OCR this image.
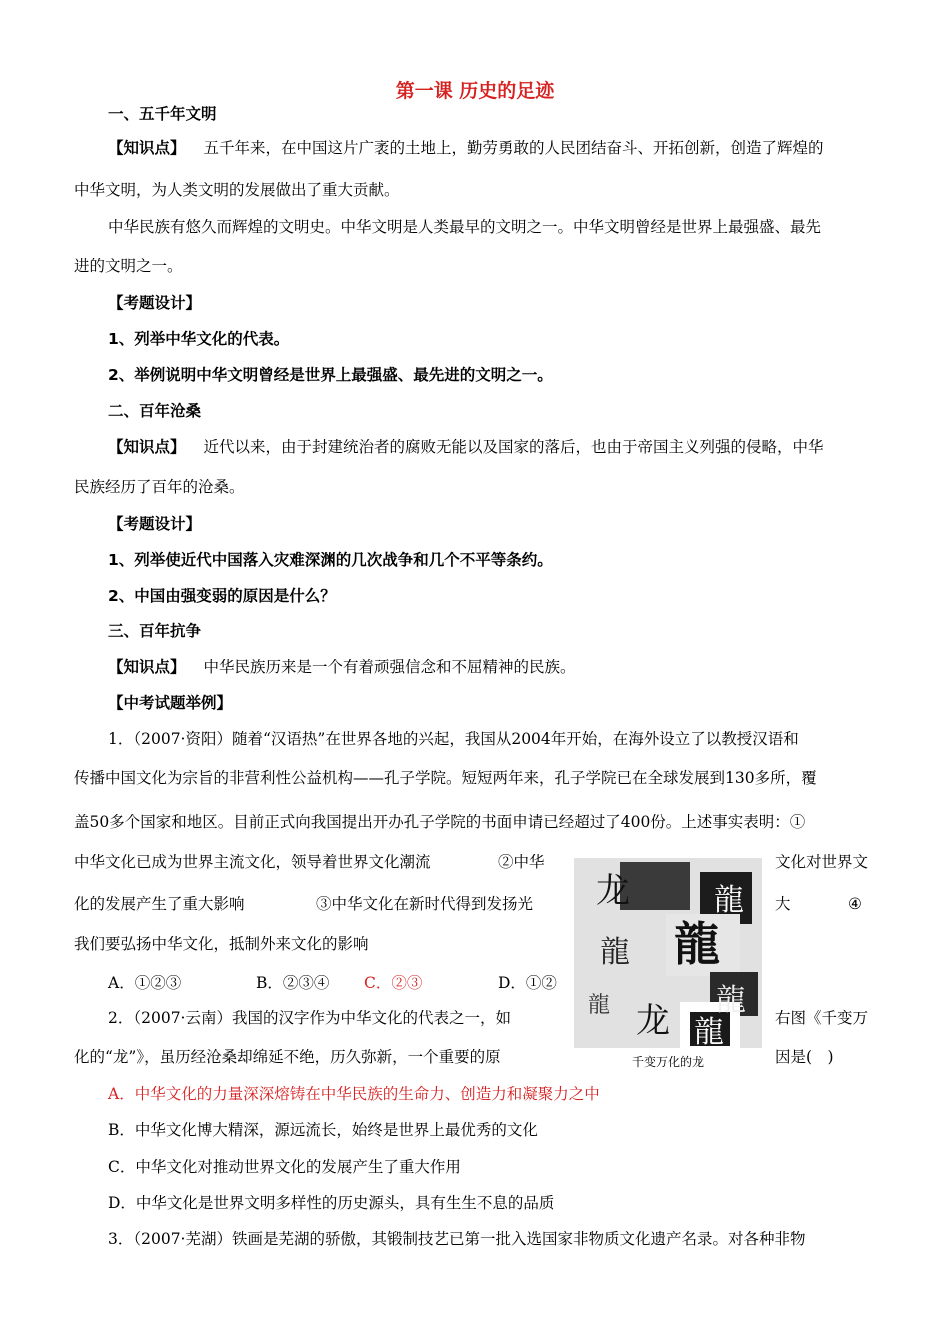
第一课 历史的足迹
一、五千年文明
【知识点】 五千年来，在中国这片广袤的土地上，勤劳勇敢的人民团结奋斗、开拓创新，创造了辉煌的
中华文明，为人类文明的发展做出了重大贡献。
中华民族有悠久而辉煌的文明史。中华文明是人类最早的文明之一。中华文明曾经是世界上最强盛、最先
进的文明之一。
【考题设计】
1、列举中华文化的代表。
2、举例说明中华文明曾经是世界上最强盛、最先进的文明之一。
二、百年沧桑
【知识点】 近代以来，由于封建统治者的腐败无能以及国家的落后，也由于帝国主义列强的侵略，中华
民族经历了百年的沧桑。
【考题设计】
1、列举使近代中国落入灾难深渊的几次战争和几个不平等条约。
2、中国由强变弱的原因是什么？
三、百年抗争
【知识点】 中华民族历来是一个有着顽强信念和不屈精神的民族。
【中考试题举例】
1．（2007·资阳）随着“汉语热”在世界各地的兴起，我国从2004年开始，在海外设立了以教授汉语和
传播中国文化为宗旨的非营利性公益机构——孔子学院。短短两年来，孔子学院已在全球发展到130多所，覆
盖50多个国家和地区。目前正式向我国提出开办孔子学院的书面申请已经超过了400份。上述事实表明：①
中华文化已成为世界主流文化，领导着世界文化潮流	②中华	文化对世界文
化的发展产生了重大影响	③中华文化在新时代得到发扬光	大	④
我们要弘扬中华文化，抵制外来文化的影响
A．①②③	B．②③④ C．②③	D．①②
2．（2007·云南）我国的汉字作为中华文化的代表之一，如	右图《千变万
化的“龙”》，虽历经沧桑却绵延不绝，历久弥新，一个重要的原	因是(　)
龙
龍
龍
龍
龍
龙 龍
龍
千变万化的龙
A．中华文化的力量深深熔铸在中华民族的生命力、创造力和凝聚力之中
B．中华文化博大精深，源远流长，始终是世界上最优秀的文化
C．中华文化对推动世界文化的发展产生了重大作用
D．中华文化是世界文明多样性的历史源头，具有生生不息的品质
3．（2007·芜湖）铁画是芜湖的骄傲，其锻制技艺已第一批入选国家非物质文化遗产名录。对各种非物
